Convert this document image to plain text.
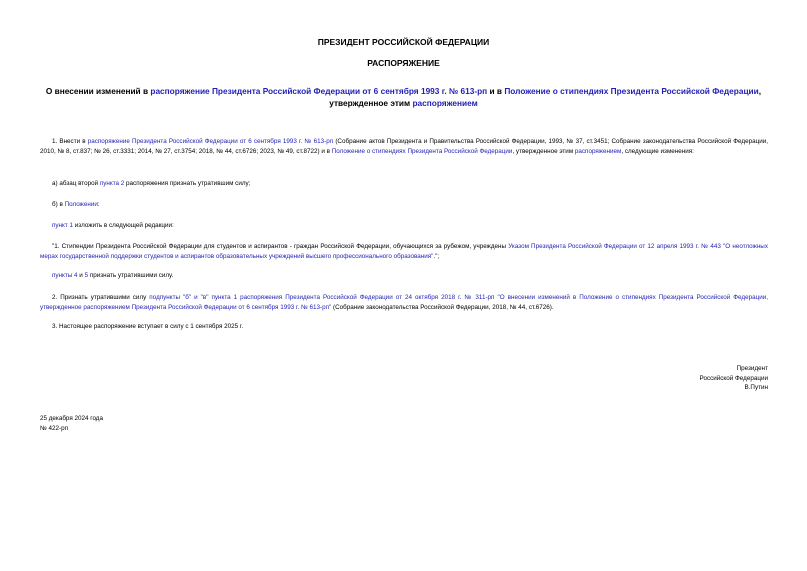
ПРЕЗИДЕНТ РОССИЙСКОЙ ФЕДЕРАЦИИ
РАСПОРЯЖЕНИЕ
О внесении изменений в распоряжение Президента Российской Федерации от 6 сентября 1993 г. № 613-рп и в Положение о стипендиях Президента Российской Федерации, утвержденное этим распоряжением
1. Внести в распоряжение Президента Российской Федерации от 6 сентября 1993 г. № 613-рп (Собрание актов Президента и Правительства Российской Федерации, 1993, № 37, ст.3451; Собрание законодательства Российской Федерации, 2010, № 8, ст.837; № 26, ст.3331; 2014, № 27, ст.3754; 2018, № 44, ст.6726; 2023, № 49, ст.8722) и в Положение о стипендиях Президента Российской Федерации, утвержденное этим распоряжением, следующие изменения:
а) абзац второй пункта 2 распоряжения признать утратившим силу;
б) в Положении:
пункт 1 изложить в следующей редакции:
"1. Стипендии Президента Российской Федерации для студентов и аспирантов - граждан Российской Федерации, обучающихся за рубежом, учреждены Указом Президента Российской Федерации от 12 апреля 1993 г. № 443 "О неотложных мерах государственной поддержки студентов и аспирантов образовательных учреждений высшего профессионального образования".";
пункты 4 и 5 признать утратившими силу.
2. Признать утратившими силу подпункты "б" и "в" пункта 1 распоряжения Президента Российской Федерации от 24 октября 2018 г. № 311-рп "О внесении изменений в Положение о стипендиях Президента Российской Федерации, утвержденное распоряжением Президента Российской Федерации от 6 сентября 1993 г. № 613-рп" (Собрание законодательства Российской Федерации, 2018, № 44, ст.6726).
3. Настоящее распоряжение вступает в силу с 1 сентября 2025 г.
Президент
Российской Федерации
В.Путин
25 декабря 2024 года
№ 422-рп
